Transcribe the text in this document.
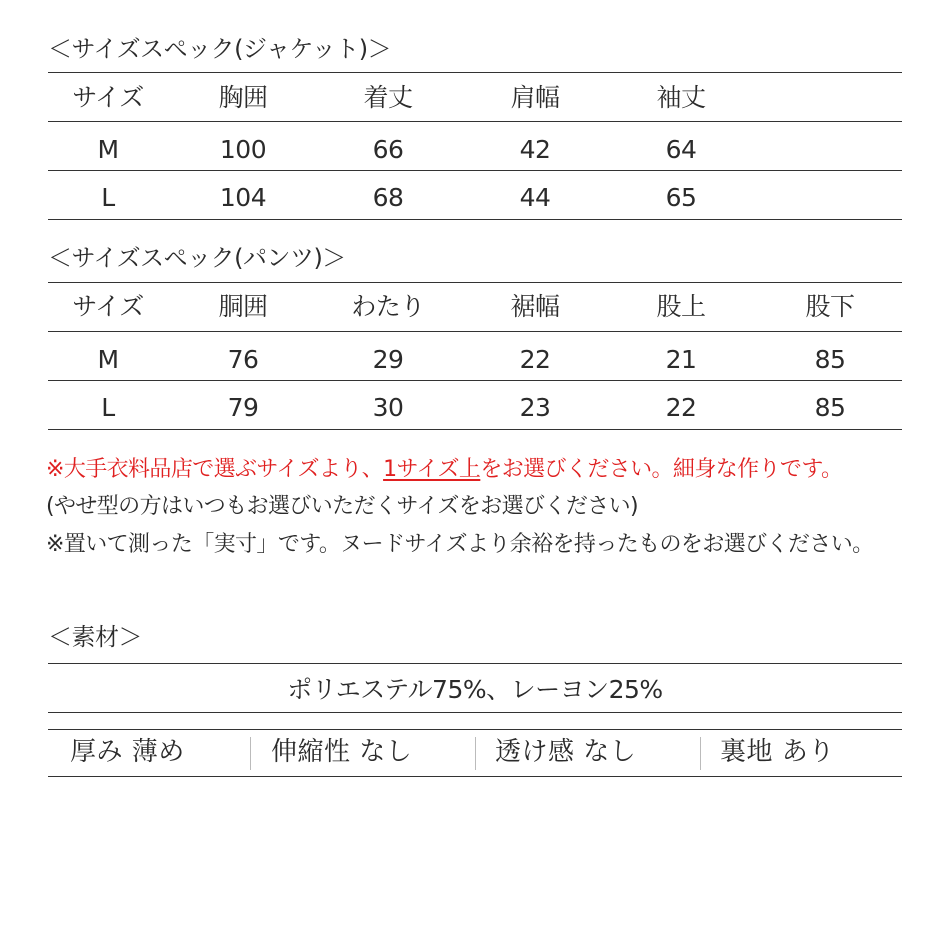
＜サイズスペック(ジャケット)＞
サイズ	胸囲	着丈	肩幅	袖丈
M	100	66	42	64
L	104	68	44	65
＜サイズスペック(パンツ)＞
サイズ	胴囲	わたり	裾幅	股上	股下
M	76	29	22	21	85
L	79	30	23	22	85
※大手衣料品店で選ぶサイズより、1サイズ上をお選びください。細身な作りです。
(やせ型の方はいつもお選びいただくサイズをお選びください)
※置いて測った「実寸」です。ヌードサイズより余裕を持ったものをお選びください。
＜素材＞
ポリエステル75%、レーヨン25%
厚み 薄め	伸縮性 なし	透け感 なし	裏地 あり
